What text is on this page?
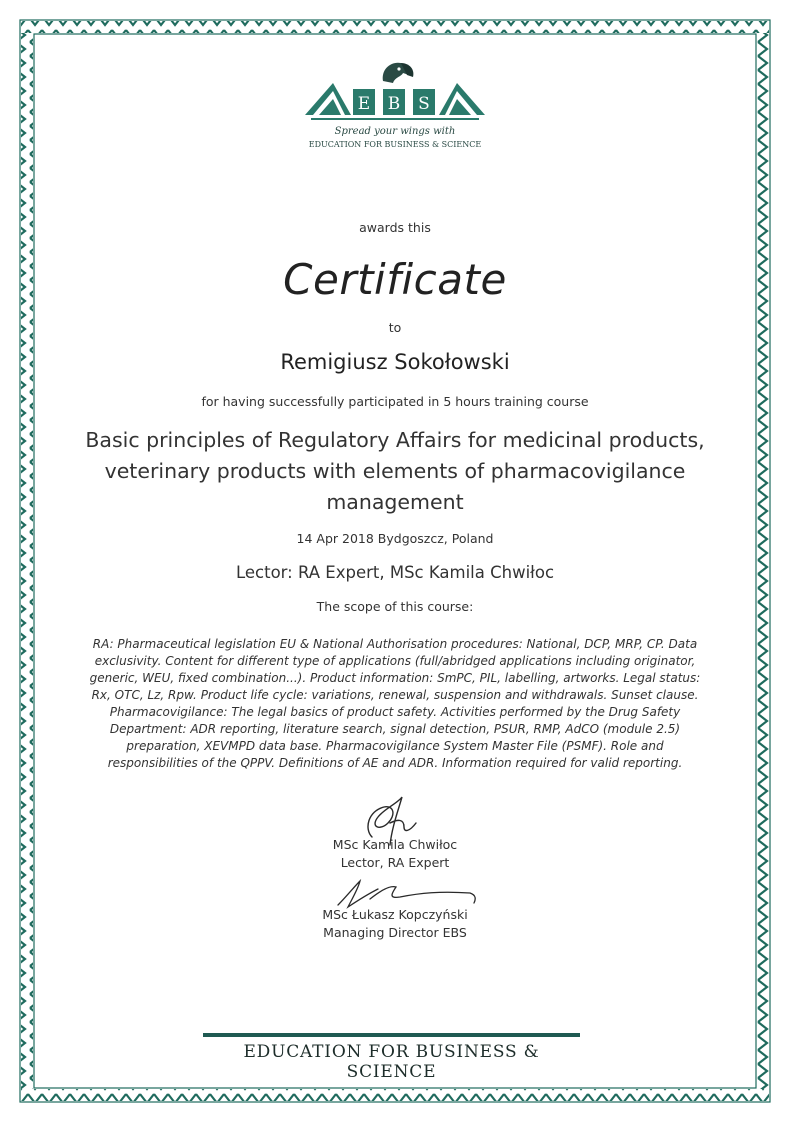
E B S
Spread your wings with
EDUCATION FOR BUSINESS & SCIENCE
awards this
Certificate
to
Remigiusz Sokołowski
for having successfully participated in 5 hours training course
Basic principles of Regulatory Affairs for medicinal products,
veterinary products with elements of pharmacovigilance
management
14 Apr 2018 Bydgoszcz, Poland
Lector: RA Expert, MSc Kamila Chwiłoc
The scope of this course:
RA: Pharmaceutical legislation EU & National Authorisation procedures: National, DCP, MRP, CP. Data
exclusivity. Content for different type of applications (full/abridged applications including originator,
generic, WEU, fixed combination...). Product information: SmPC, PIL, labelling, artworks. Legal status:
Rx, OTC, Lz, Rpw. Product life cycle: variations, renewal, suspension and withdrawals. Sunset clause.
Pharmacovigilance: The legal basics of product safety. Activities performed by the Drug Safety
Department: ADR reporting, literature search, signal detection, PSUR, RMP, AdCO (module 2.5)
preparation, XEVMPD data base. Pharmacovigilance System Master File (PSMF). Role and
responsibilities of the QPPV. Definitions of AE and ADR. Information required for valid reporting.
MSc Kamila Chwiłoc
Lector, RA Expert
MSc Łukasz Kopczyński
Managing Director EBS
EDUCATION FOR BUSINESS & SCIENCE
